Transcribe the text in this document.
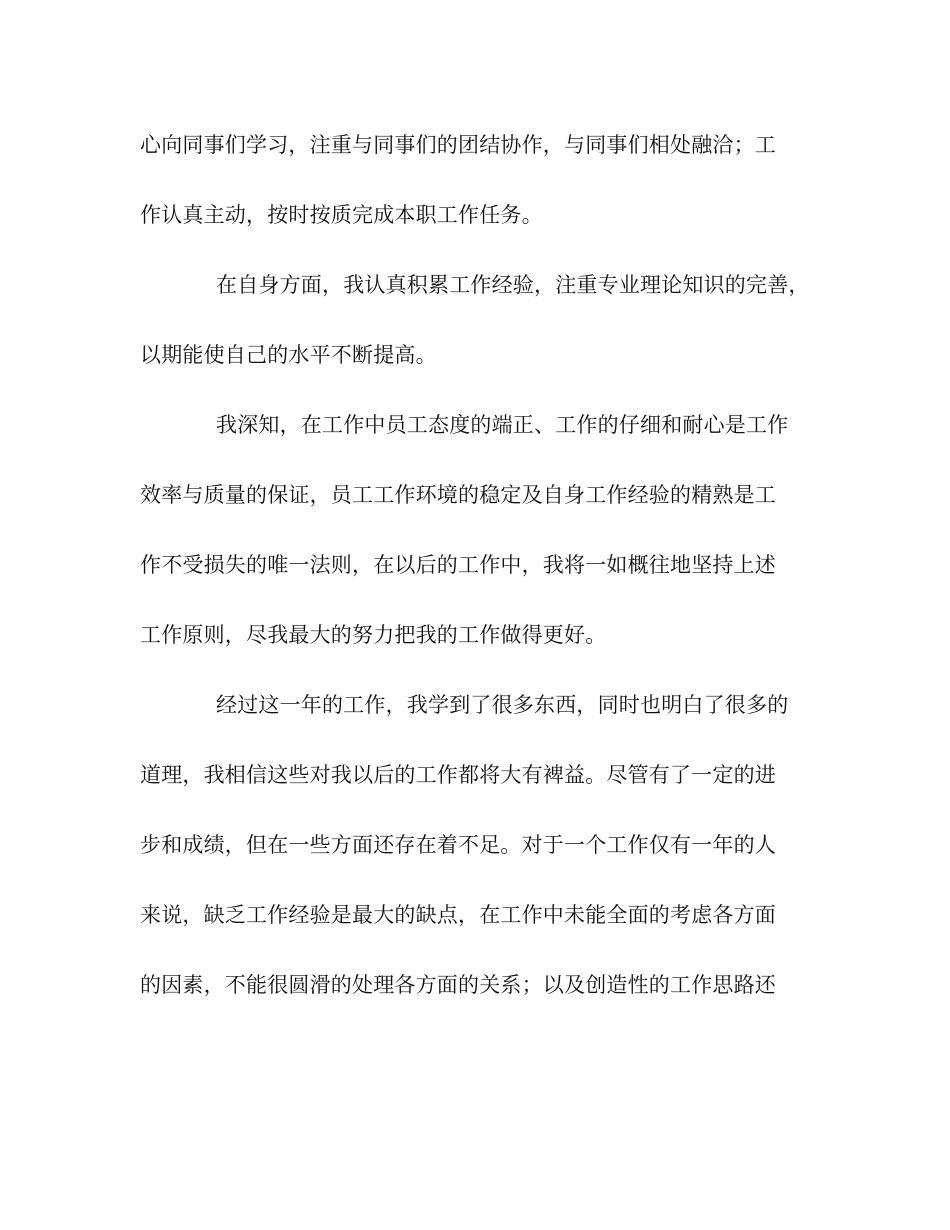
心向同事们学习，注重与同事们的团结协作，与同事们相处融洽；工
作认真主动，按时按质完成本职工作任务。
在自身方面，我认真积累工作经验，注重专业理论知识的完善，
以期能使自己的水平不断提高。
我深知，在工作中员工态度的端正、工作的仔细和耐心是工作
效率与质量的保证，员工工作环境的稳定及自身工作经验的精熟是工
作不受损失的唯一法则，在以后的工作中，我将一如概往地坚持上述
工作原则，尽我最大的努力把我的工作做得更好。
经过这一年的工作，我学到了很多东西，同时也明白了很多的
道理，我相信这些对我以后的工作都将大有裨益。尽管有了一定的进
步和成绩，但在一些方面还存在着不足。对于一个工作仅有一年的人
来说，缺乏工作经验是最大的缺点，在工作中未能全面的考虑各方面
的因素，不能很圆滑的处理各方面的关系；以及创造性的工作思路还
